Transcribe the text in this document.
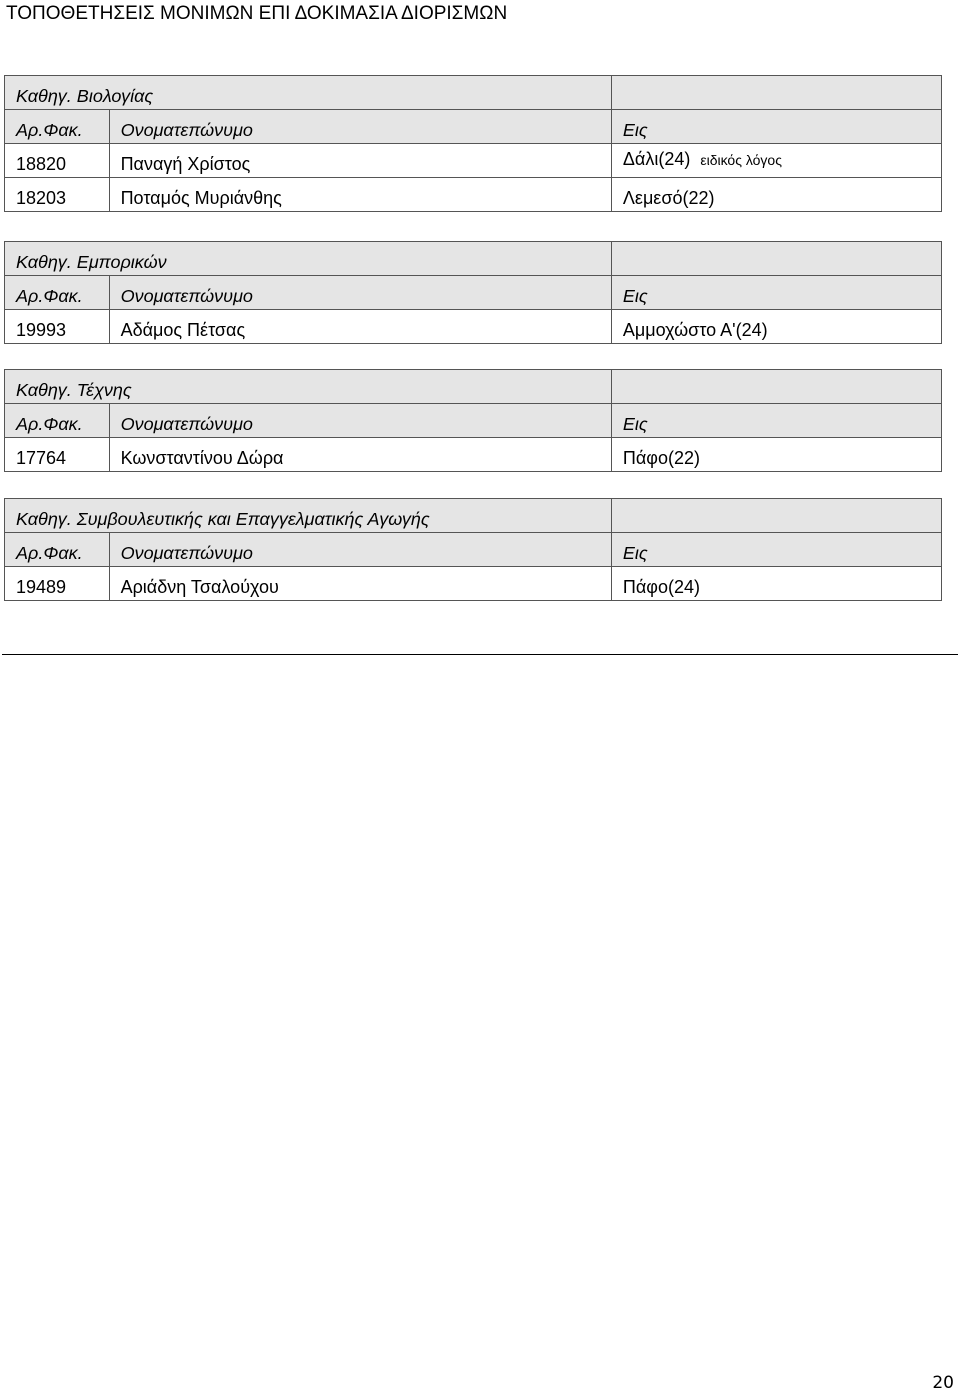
ΤΟΠΟΘΕΤΗΣΕΙΣ ΜΟΝΙΜΩΝ ΕΠΙ ΔΟΚΙΜΑΣΙΑ ΔΙΟΡΙΣΜΩΝ
Καθηγ. Βιολογίας		
Αρ.Φακ.	Ονοματεπώνυμο	Εις
18820	Παναγή Χρίστος	Δάλι(24) ειδικός λόγος
18203	Ποταμός Μυριάνθης	Λεμεσό(22)
Καθηγ. Εμπορικών		
Αρ.Φακ.	Ονοματεπώνυμο	Εις
19993	Αδάμος Πέτσας	Αμμοχώστο Α'(24)
Καθηγ. Τέχνης		
Αρ.Φακ.	Ονοματεπώνυμο	Εις
17764	Κωνσταντίνου Δώρα	Πάφο(22)
Καθηγ. Συμβουλευτικής και Επαγγελματικής Αγωγής		
Αρ.Φακ.	Ονοματεπώνυμο	Εις
19489	Αριάδνη Τσαλούχου	Πάφο(24)
20
